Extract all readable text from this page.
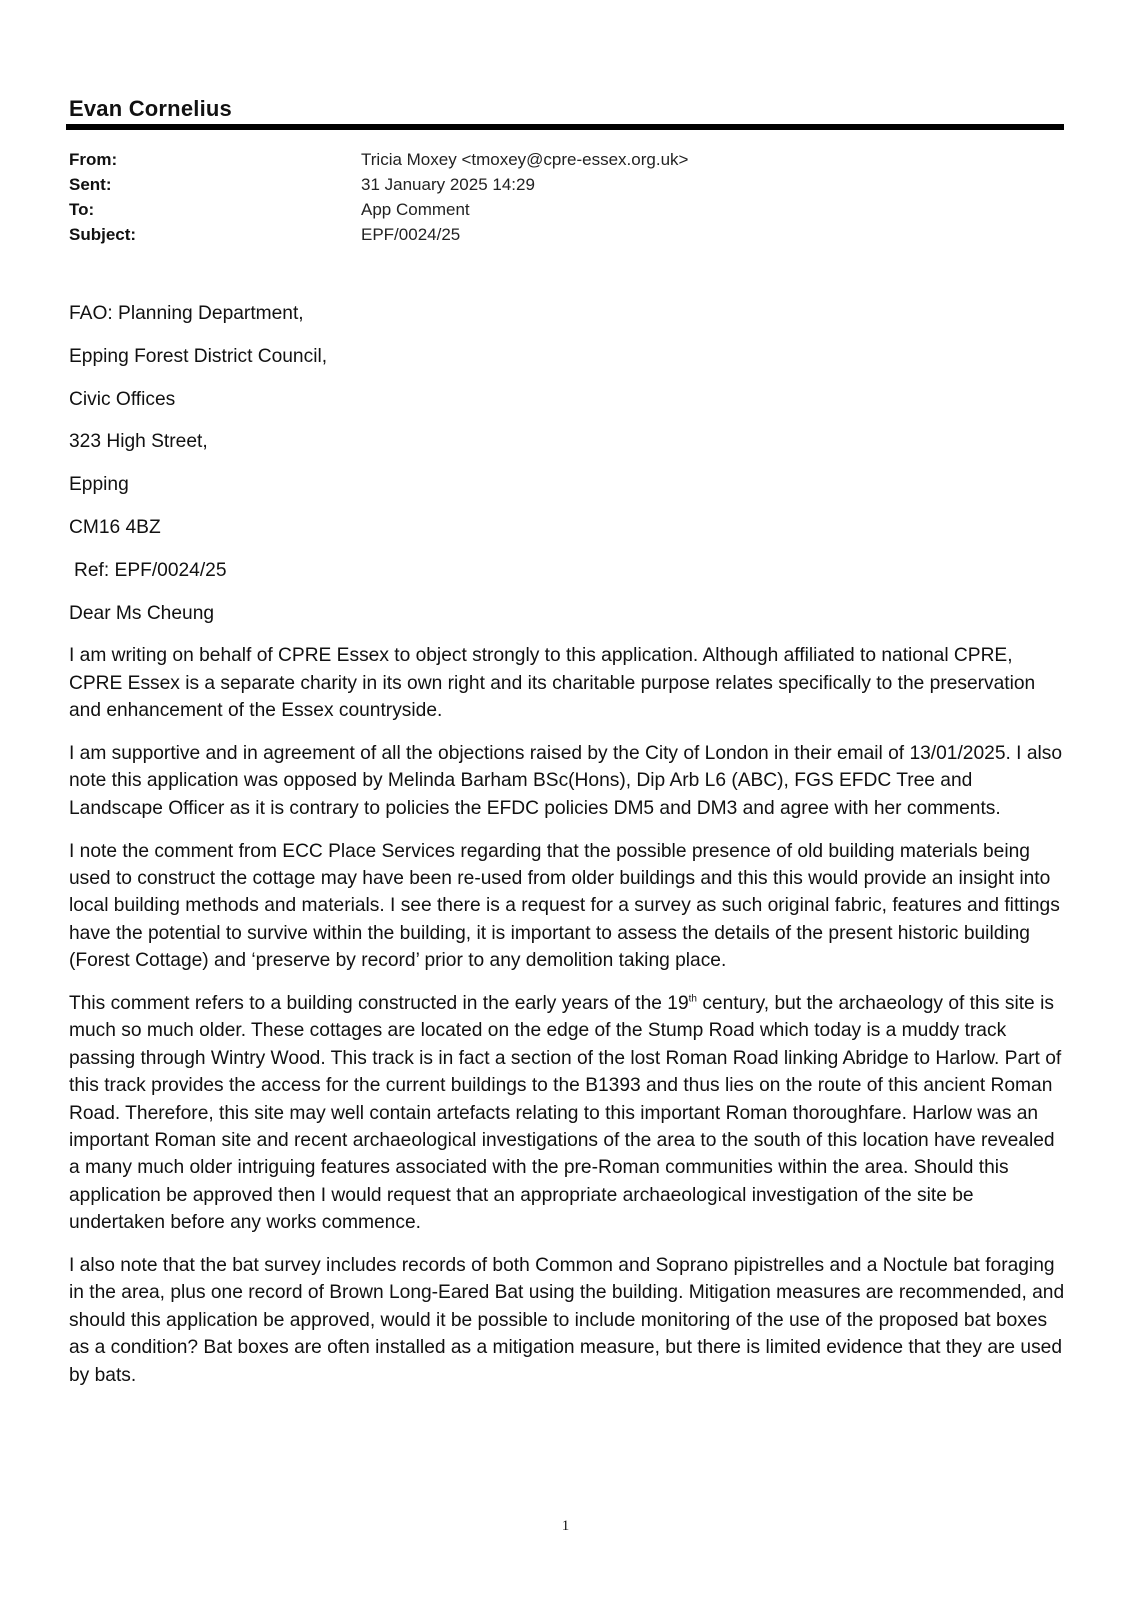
Evan Cornelius
From:	Tricia Moxey <tmoxey@cpre-essex.org.uk>
Sent:	31 January 2025 14:29
To:	App Comment
Subject:	EPF/0024/25

FAO: Planning Department,

Epping Forest District Council,

Civic Offices

323 High Street,

Epping

CM16 4BZ

Ref: EPF/0024/25

Dear Ms Cheung

I am writing on behalf of CPRE Essex to object strongly to this application. Although affiliated to national CPRE, CPRE Essex is a separate charity in its own right and its charitable purpose relates specifically to the preservation and enhancement of the Essex countryside.

I am supportive and in agreement of all the objections raised by the City of London in their email of 13/01/2025. I also note this application was opposed by Melinda Barham BSc(Hons), Dip Arb L6 (ABC), FGS EFDC Tree and Landscape Officer as it is contrary to policies the EFDC policies DM5 and DM3 and agree with her comments.

I note the comment from ECC Place Services regarding that the possible presence of old building materials being used to construct the cottage may have been re-used from older buildings and this this would provide an insight into local building methods and materials. I see there is a request for a survey as such original fabric, features and fittings have the potential to survive within the building, it is important to assess the details of the present historic building (Forest Cottage) and ‘preserve by record’ prior to any demolition taking place.

This comment refers to a building constructed in the early years of the 19th century, but the archaeology of this site is much so much older. These cottages are located on the edge of the Stump Road which today is a muddy track passing through Wintry Wood. This track is in fact a section of the lost Roman Road linking Abridge to Harlow. Part of this track provides the access for the current buildings to the B1393 and thus lies on the route of this ancient Roman Road. Therefore, this site may well contain artefacts relating to this important Roman thoroughfare. Harlow was an important Roman site and recent archaeological investigations of the area to the south of this location have revealed a many much older intriguing features associated with the pre-Roman communities within the area. Should this application be approved then I would request that an appropriate archaeological investigation of the site be undertaken before any works commence.

I also note that the bat survey includes records of both Common and Soprano pipistrelles and a Noctule bat foraging in the area, plus one record of Brown Long-Eared Bat using the building. Mitigation measures are recommended, and should this application be approved, would it be possible to include monitoring of the use of the proposed bat boxes as a condition? Bat boxes are often installed as a mitigation measure, but there is limited evidence that they are used by bats.

1
